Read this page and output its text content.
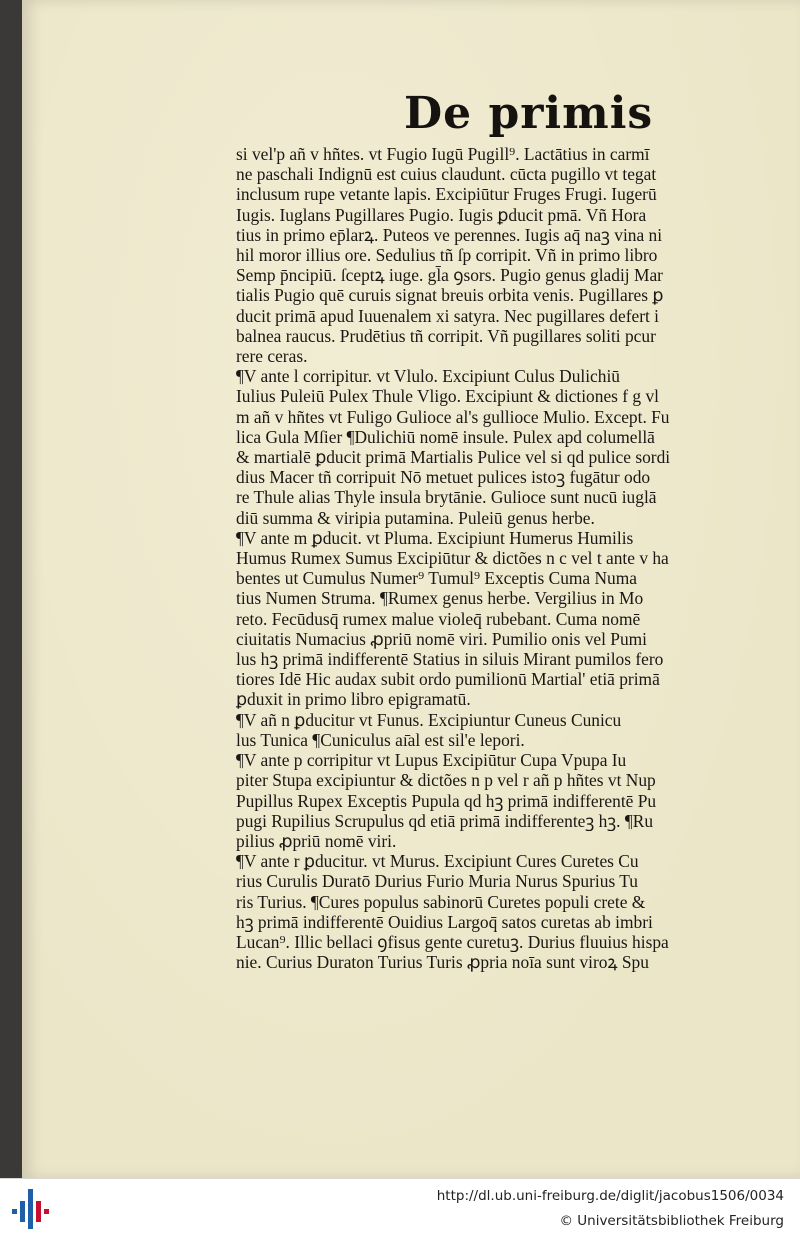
De primis
si vel'p añ v hñtes. vt Fugio Iugū Pugill⁹. Lactātius in carmī
ne paschali Indignū est cuius claudunt. cūcta pugillo vt tegat
inclusum rupe vetante lapis. Excipiūtur Fruges Frugi. Iugerū
Iugis. Iuglans Pugillares Pugio. Iugis ꝑducit pmā. Vñ Hora
tius in primo ep̄larꝝ. Puteos ve perennes. Iugis aq̄ naꝫ vina ni
hil moror illius ore. Sedulius tñ ſp corripit. Vñ in primo libro
Semp p̄ncipiū. ſceptꝝ iuge. gl̄a ꝯsors. Pugio genus gladij Mar
tialis Pugio quē curuis signat breuis orbita venis. Pugillares ꝑ
ducit primā apud Iuuenalem xi satyra. Nec pugillares defert i
balnea raucus. Prudētius tñ corripit. Vñ pugillares soliti pcur
rere ceras.
¶V ante l corripitur. vt Vlulo. Excipiunt Culus Dulichiū
Iulius Puleiū Pulex Thule Vligo. Excipiunt & dictiones f g vl
m añ v hñtes vt Fuligo Gulioce al's gullioce Mulio. Except. Fu
lica Gula Mſier ¶Dulichiū nomē insule. Pulex apd columellā
& martialē ꝑducit primā Martialis Pulice vel si qd pulice sordi
dius Macer tñ corripuit Nō metuet pulices istoꝫ fugātur odo
re Thule alias Thyle insula brytānie. Gulioce sunt nucū iuglā
diū summa & viripia putamina. Puleiū genus herbe.
¶V ante m ꝑducit. vt Pluma. Excipiunt Humerus Humilis
Humus Rumex Sumus Excipiūtur & dictões n c vel t ante v ha
bentes ut Cumulus Numer⁹ Tumul⁹ Exceptis Cuma Numa
tius Numen Struma. ¶Rumex genus herbe. Vergilius in Mo
reto. Fecūdusq̄ rumex malue violeq̄ rubebant. Cuma nomē
ciuitatis Numacius ꝓpriū nomē viri. Pumilio onis vel Pumi
lus hꝫ primā indifferentē Statius in siluis Mirant pumilos fero
tiores Idē Hic audax subit ordo pumilionū Martial' etiā primā
ꝑduxit in primo libro epigramatū.
¶V añ n ꝑducitur vt Funus. Excipiuntur Cuneus Cunicu
lus Tunica ¶Cuniculus aı̄al est sil'e lepori.
¶V ante p corripitur vt Lupus Excipiūtur Cupa Vpupa Iu
piter Stupa excipiuntur & dictões n p vel r añ p hñtes vt Nup
Pupillus Rupex Exceptis Pupula qd hꝫ primā indifferentē Pu
pugi Rupilius Scrupulus qd etiā primā indifferenteꝫ hꝫ. ¶Ru
pilius ꝓpriū nomē viri.
¶V ante r ꝑducitur. vt Murus. Excipiunt Cures Curetes Cu
rius Curulis Duratō Durius Furio Muria Nurus Spurius Tu
ris Turius. ¶Cures populus sabinorū Curetes populi crete &
hꝫ primā indifferentē Ouidius Largoq̄ satos curetas ab imbri
Lucan⁹. Illic bellaci ꝯfisus gente curetuꝫ. Durius fluuius hispa
nie. Curius Duraton Turius Turis ꝓpria noīa sunt viroꝝ Spu
http://dl.ub.uni-freiburg.de/diglit/jacobus1506/0034
© Universitätsbibliothek Freiburg
